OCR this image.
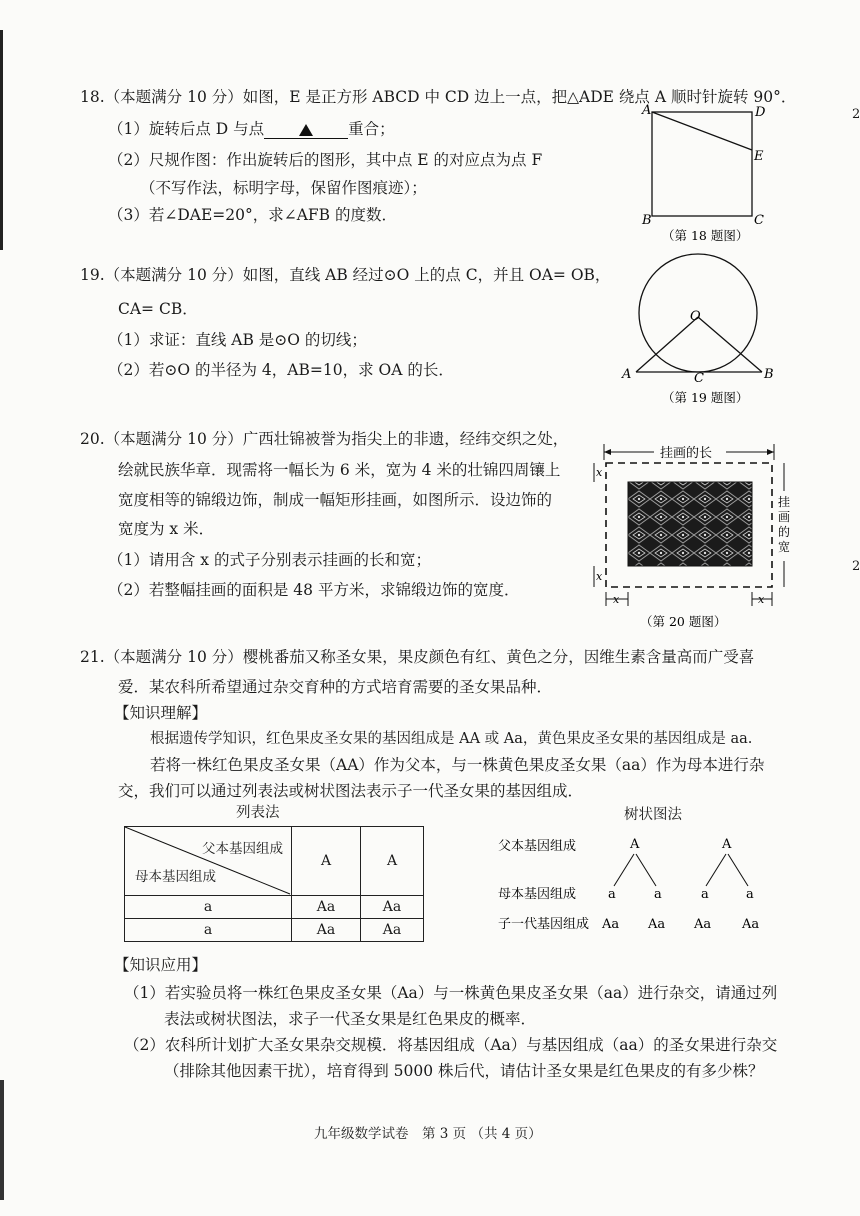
2
2
18.（本题满分 10 分）如图，E 是正方形 ABCD 中 CD 边上一点，把△ADE 绕点 A 顺时针旋转 90°．
（1）旋转后点 D 与点	重合；
（2）尺规作图：作出旋转后的图形，其中点 E 的对应点为点 F
（不写作法，标明字母，保留作图痕迹）；
（3）若∠DAE=20°，求∠AFB 的度数．
A	D
E
B	C
（第 18 题图）
19.（本题满分 10 分）如图，直线 AB 经过⊙O 上的点 C，并且 OA= OB，
CA= CB．
（1）求证：直线 AB 是⊙O 的切线；
（2）若⊙O 的半径为 4，AB=10，求 OA 的长．
O
A	C	B
（第 19 题图）
20.（本题满分 10 分）广西壮锦被誉为指尖上的非遗，经纬交织之处，
绘就民族华章．现需将一幅长为 6 米，宽为 4 米的壮锦四周镶上
宽度相等的锦缎边饰，制成一幅矩形挂画，如图所示．设边饰的
宽度为 x 米．
（1）请用含 x 的式子分别表示挂画的长和宽；
（2）若整幅挂画的面积是 48 平方米，求锦缎边饰的宽度．
挂画的长
挂画的宽
x
x
x	x
（第 20 题图）
21.（本题满分 10 分）樱桃番茄又称圣女果，果皮颜色有红、黄色之分，因维生素含量高而广受喜
爱．某农科所希望通过杂交育种的方式培育需要的圣女果品种．
【知识理解】
根据遗传学知识，红色果皮圣女果的基因组成是 AA 或 Aa，黄色果皮圣女果的基因组成是 aa.
若将一株红色果皮圣女果（AA）作为父本，与一株黄色果皮圣女果（aa）作为母本进行杂
交，我们可以通过列表法或树状图法表示子一代圣女果的基因组成．
列表法	树状图法
父本基因组成
母本基因组成	A	A
a	Aa	Aa
a	Aa	Aa
父本基因组成
母本基因组成
子一代基因组成
A	A
a	a	a	a
Aa Aa Aa Aa
【知识应用】
（1）若实验员将一株红色果皮圣女果（Aa）与一株黄色果皮圣女果（aa）进行杂交，请通过列
表法或树状图法，求子一代圣女果是红色果皮的概率．
（2）农科所计划扩大圣女果杂交规模．将基因组成（Aa）与基因组成（aa）的圣女果进行杂交
（排除其他因素干扰），培育得到 5000 株后代，请估计圣女果是红色果皮的有多少株？
九年级数学试卷　第 3 页 （共 4 页）
